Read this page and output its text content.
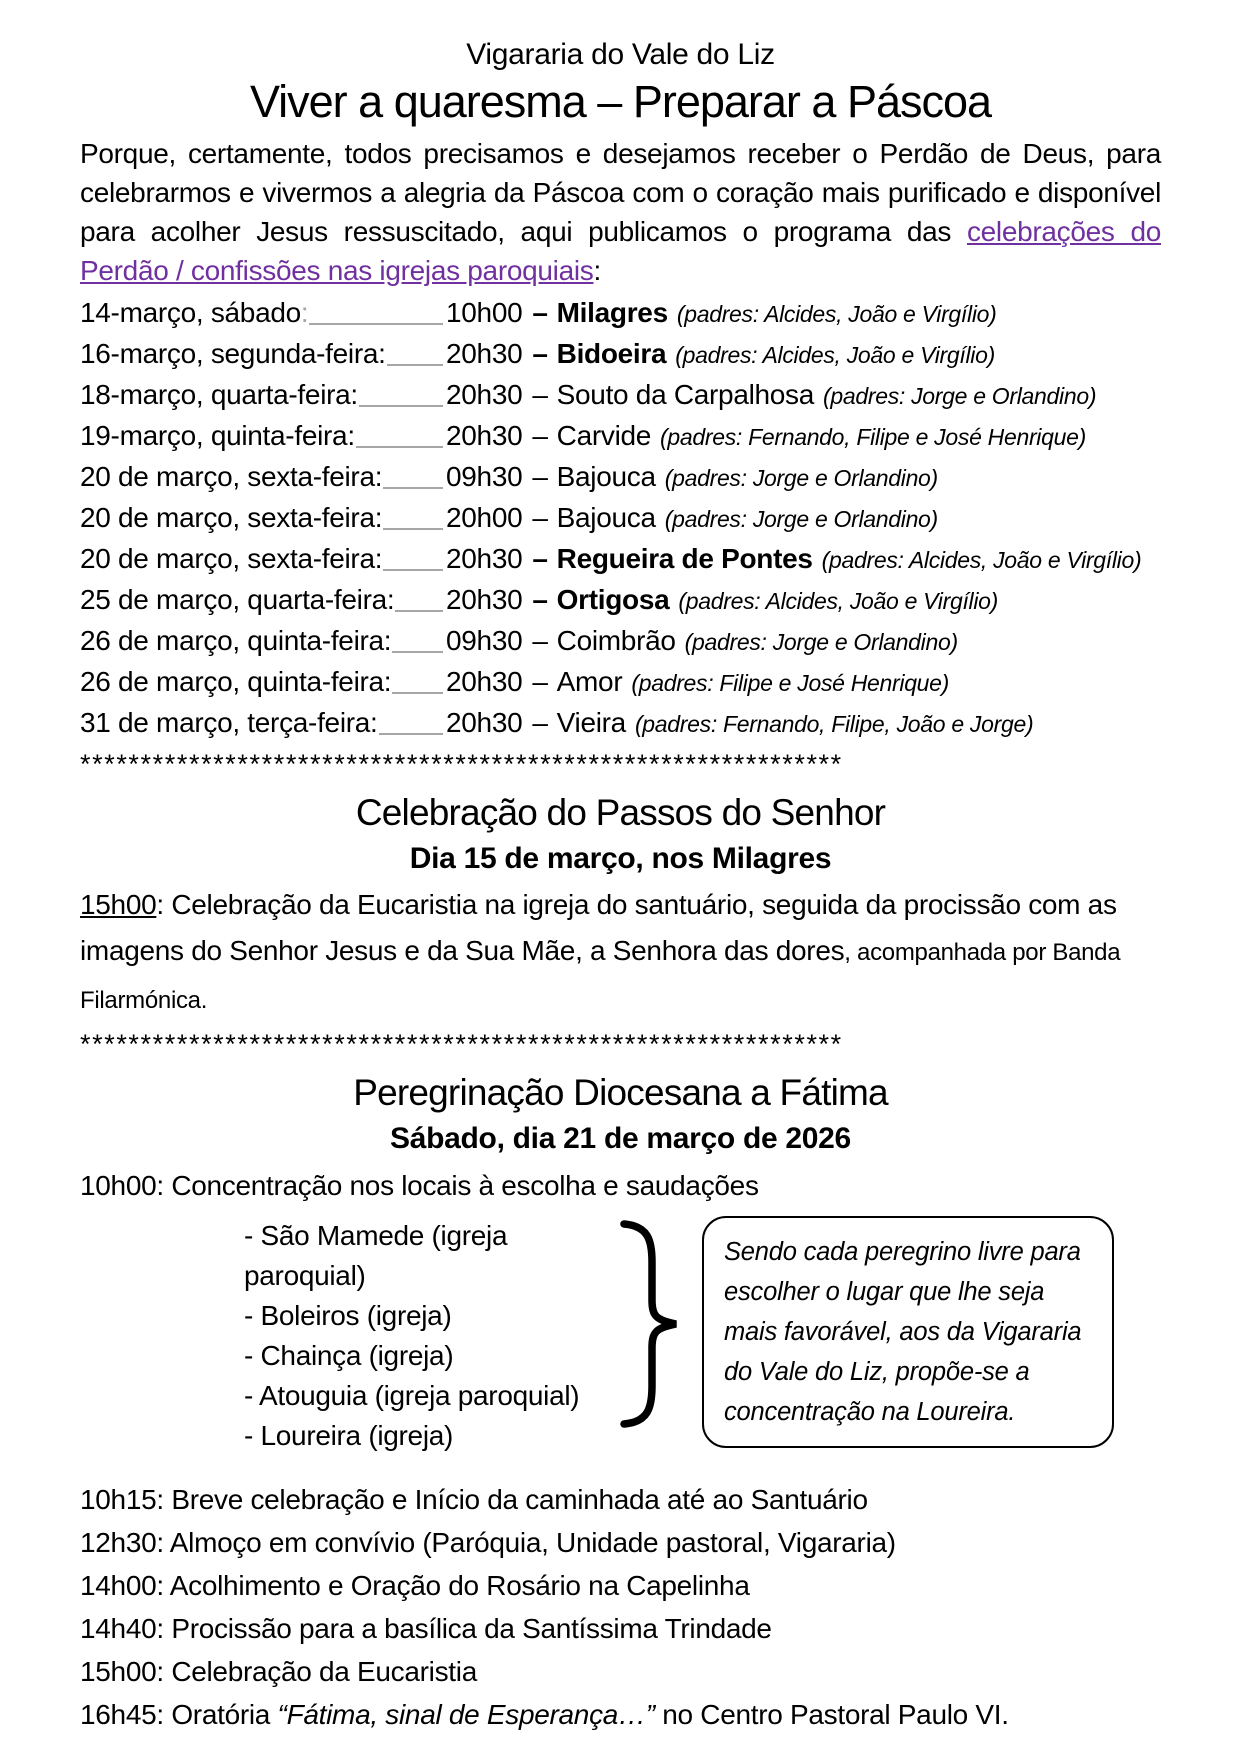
Vigararia do Vale do Liz
Viver a quaresma – Preparar a Páscoa

Porque, certamente, todos precisamos e desejamos receber o Perdão de Deus, para celebrarmos e vivermos a alegria da Páscoa com o coração mais purificado e disponível para acolher Jesus ressuscitado, aqui publicamos o programa das celebrações do Perdão / confissões nas igrejas paroquiais:

14-março, sábado :	10h00 – Milagres (padres: Alcides, João e Virgílio)
16-março, segunda-feira : 20h30 – Bidoeira (padres: Alcides, João e Virgílio)
18-março, quarta-feira :	20h30 – Souto da Carpalhosa (padres: Jorge e Orlandino)
19-março, quinta-feira :	20h30 – Carvide (padres: Fernando, Filipe e José Henrique)
20 de março, sexta-feira : 09h30 – Bajouca (padres: Jorge e Orlandino)
20 de março, sexta-feira : 20h00 – Bajouca (padres: Jorge e Orlandino)
20 de março, sexta-feira : 20h30 – Regueira de Pontes (padres: Alcides, João e Virgílio)
25 de março, quarta-feira : 20h30 – Ortigosa (padres: Alcides, João e Virgílio)
26 de março, quinta-feira : 09h30 – Coimbrão (padres: Jorge e Orlandino)
26 de março, quinta-feira : 20h30 – Amor (padres: Filipe e José Henrique)
31 de março, terça-feira : 20h30 – Vieira (padres: Fernando, Filipe, João e Jorge)
***************************************************************
Celebração do Passos do Senhor
Dia 15 de março, nos Milagres

15h00: Celebração da Eucaristia na igreja do santuário, seguida da procissão com as imagens do Senhor Jesus e da Sua Mãe, a Senhora das dores, acompanhada por Banda Filarmónica.

***************************************************************
Peregrinação Diocesana a Fátima
Sábado, dia 21 de março de 2026
10h00: Concentração nos locais à escolha e saudações
- São Mamede (igreja paroquial)
- Boleiros (igreja)
- Chainça (igreja)
- Atouguia (igreja paroquial)
- Loureira (igreja)
Sendo cada peregrino livre para escolher o lugar que lhe seja mais favorável, aos da Vigararia do Vale do Liz, propõe-se a concentração na Loureira.
10h15: Breve celebração e Início da caminhada até ao Santuário
12h30: Almoço em convívio (Paróquia, Unidade pastoral, Vigararia)
14h00: Acolhimento e Oração do Rosário na Capelinha
14h40: Procissão para a basílica da Santíssima Trindade
15h00: Celebração da Eucaristia
16h45: Oratória “Fátima, sinal de Esperança…” no Centro Pastoral Paulo VI.
